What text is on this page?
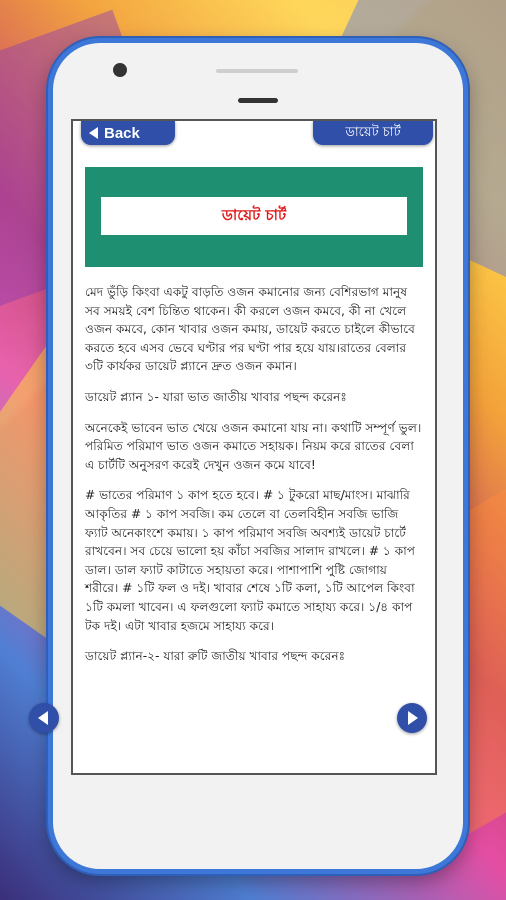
Back	ডায়েট চার্ট
ডায়েট চার্ট

মেদ ভুঁড়ি কিংবা একটু বাড়তি ওজন কমানোর জন্য বেশিরভাগ মানুষ সব সময়ই বেশ চিন্তিত থাকেন। কী করলে ওজন কমবে, কী না খেলে ওজন কমবে, কোন খাবার ওজন কমায়, ডায়েট করতে চাইলে কীভাবে করতে হবে এসব ভেবে ঘণ্টার পর ঘণ্টা পার হয়ে যায়।রাতের বেলার ৩টি কার্যকর ডায়েট প্ল্যানে দ্রুত ওজন কমান।

ডায়েট প্ল্যান ১- যারা ভাত জাতীয় খাবার পছন্দ করেনঃ

অনেকেই ভাবেন ভাত খেয়ে ওজন কমানো যায় না। কথাটি সম্পূর্ণ ভুল। পরিমিত পরিমাণ ভাত ওজন কমাতে সহায়ক। নিয়ম করে রাতের বেলা এ চার্টটি অনুসরণ করেই দেখুন ওজন কমে যাবে!

# ভাতের পরিমাণ ১ কাপ হতে হবে। # ১ টুকরো মাছ/মাংস। মাঝারি আকৃতির # ১ কাপ সবজি। কম তেলে বা তেলবিহীন সবজি ভাজি ফ্যাট অনেকাংশে কমায়। ১ কাপ পরিমাণ সবজি অবশ্যই ডায়েট চার্টে রাখবেন। সব চেয়ে ভালো হয় কাঁচা সবজির সালাদ রাখলে। # ১ কাপ ডাল। ডাল ফ্যাট কাটাতে সহায়তা করে। পাশাপাশি পুষ্টি জোগায় শরীরে। # ১টি ফল ও দই। খাবার শেষে ১টি কলা, ১টি আপেল কিংবা ১টি কমলা খাবেন। এ ফলগুলো ফ্যাট কমাতে সাহায্য করে। ১/৪ কাপ টক দই। এটা খাবার হজমে সাহায্য করে।

ডায়েট প্ল্যান-২- যারা রুটি জাতীয় খাবার পছন্দ করেনঃ
